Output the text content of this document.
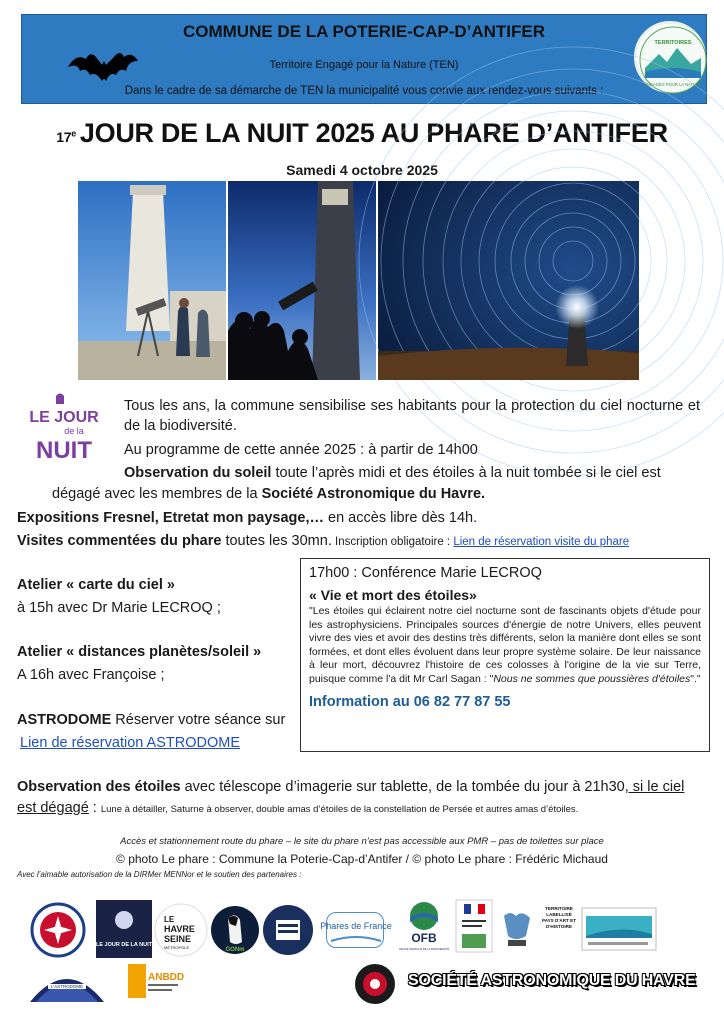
COMMUNE DE LA POTERIE-CAP-D’ANTIFER
Territoire Engagé pour la Nature (TEN)
Dans le cadre de sa démarche de TEN la municipalité vous convie aux rendez-vous suivants :
TERRITOIRES
ENGAGÉS POUR LA NATURE
17e JOUR DE LA NUIT 2025 AU PHARE D’ANTIFER
Samedi 4 octobre 2025
LE JOUR
de la
NUIT
Tous les ans, la commune sensibilise ses habitants pour la protection du ciel nocturne et de la biodiversité.
Au programme de cette année 2025 : à partir de 14h00
Observation du soleil toute l’après midi et des étoiles à la nuit tombée si le ciel est
dégagé avec les membres de la Société Astronomique du Havre.
Expositions Fresnel, Etretat mon paysage,… en accès libre dès 14h.
Visites commentées du phare toutes les 30mn. Inscription obligatoire : Lien de réservation visite du phare
Atelier « carte du ciel »
à 15h avec Dr Marie LECROQ ;
Atelier « distances planètes/soleil »
A 16h avec Françoise ;
ASTRODOME Réserver votre séance sur
Lien de réservation ASTRODOME
17h00 : Conférence Marie LECROQ
« Vie et mort des étoiles»
"Les étoiles qui éclairent notre ciel nocturne sont de fascinants objets d'étude pour les astrophysiciens. Principales sources d'énergie de notre Univers, elles peuvent vivre des vies et avoir des destins très différents, selon la manière dont elles se sont formées, et dont elles évoluent dans leur propre système solaire. De leur naissance à leur mort, découvrez l'histoire de ces colosses à l'origine de la vie sur Terre, puisque comme l'a dit Mr Carl Sagan : "Nous ne sommes que poussières d'étoiles"."
Information au 06 82 77 87 55
Observation des étoiles avec télescope d’imagerie sur tablette, de la tombée du jour à 21h30, si le ciel est dégagé : Lune à détailler, Saturne à observer, double amas d’étoiles de la constellation de Persée et autres amas d’étoiles.
Accès et stationnement route du phare – le site du phare n’est pas accessible aux PMR – pas de toilettes sur place
© photo Le phare : Commune la Poterie-Cap-d’Antifer / © photo Le phare : Frédéric Michaud
Avec l’aimable autorisation de la DIRMer MENNor et le soutien des partenaires :
LE JOUR DE LA NUIT
LE
HAVRE
SEINE
MÉTROPOLE	GONm
Phares de France
OFB
OFFICE FRANÇAIS DE LA BIODIVERSITÉ
TERRITOIRE LABELLISÉ PAYS D'ART ET D'HISTOIRE
L'ASTRODOME
ANBDD	SOCIÉTÉ ASTRONOMIQUE DU HAVRE
